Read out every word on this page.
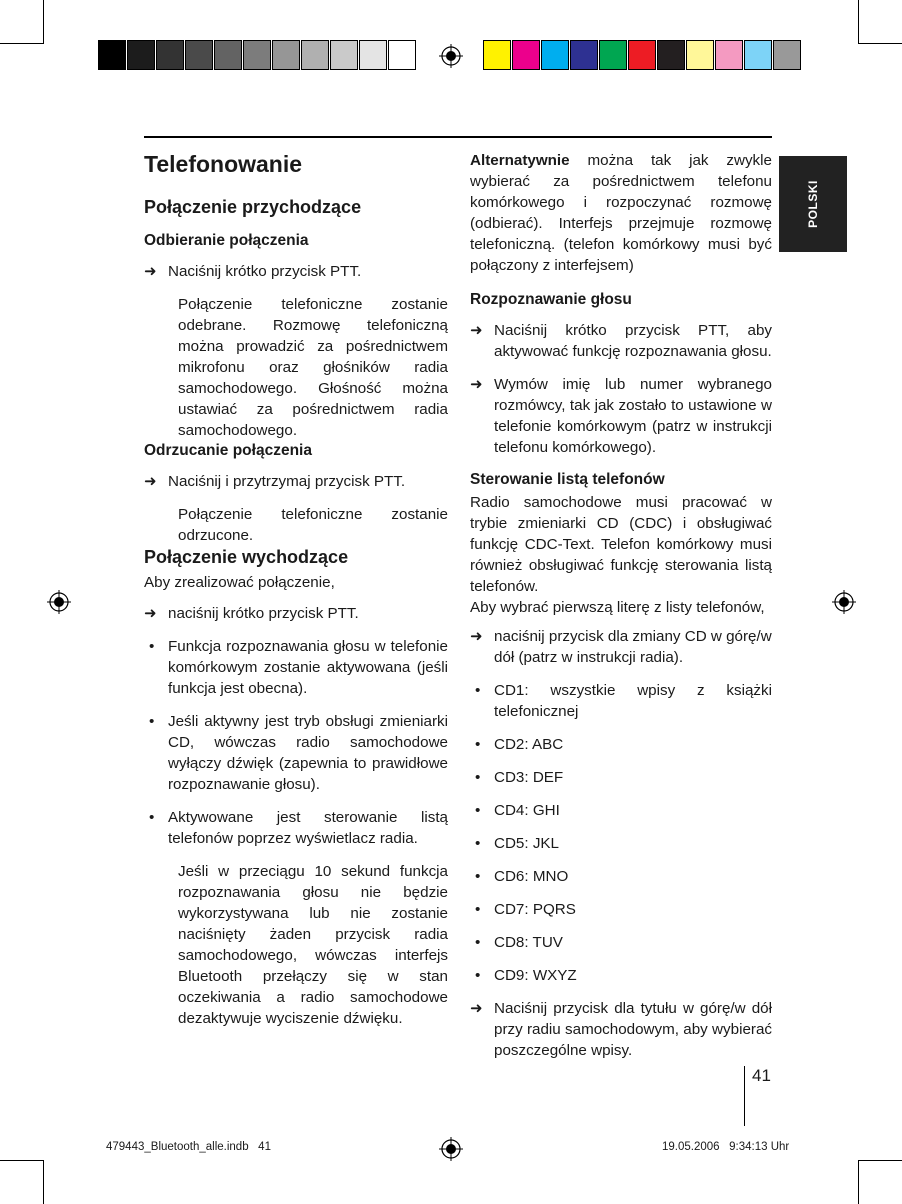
POLSKI
Telefonowanie
Połączenie przychodzące
Odbieranie połączenia
➜ Naciśnij krótko przycisk PTT.

Połączenie telefoniczne zostanie odebrane. Rozmowę telefoniczną można prowadzić za pośrednictwem mikrofonu oraz głośników radia samochodowego. Głośność można ustawiać za pośrednictwem radia samochodowego.

Odrzucanie połączenia
➜ Naciśnij i przytrzymaj przycisk PTT.

Połączenie telefoniczne zostanie odrzucone.

Połączenie wychodzące

Aby zrealizować połączenie,

➜ naciśnij krótko przycisk PTT.
• Funkcja rozpoznawania głosu w telefonie komórkowym zostanie aktywowana (jeśli funkcja jest obecna).
• Jeśli aktywny jest tryb obsługi zmieniarki CD, wówczas radio samochodowe wyłączy dźwięk (zapewnia to prawidłowe rozpoznawanie głosu).
• Aktywowane jest sterowanie listą telefonów poprzez wyświetlacz radia.

Jeśli w przeciągu 10 sekund funkcja rozpoznawania głosu nie będzie wykorzystywana lub nie zostanie naciśnięty żaden przycisk radia samochodowego, wówczas interfejs Bluetooth przełączy się w stan oczekiwania a radio samochodowe dezaktywuje wyciszenie dźwięku.

Alternatywnie można tak jak zwykle wybierać za pośrednictwem telefonu komórkowego i rozpoczynać rozmowę (odbierać). Interfejs przejmuje rozmowę telefoniczną. (telefon komórkowy musi być połączony z interfejsem)

Rozpoznawanie głosu
➜ Naciśnij krótko przycisk PTT, aby aktywować funkcję rozpoznawania głosu.
➜ Wymów imię lub numer wybranego rozmówcy, tak jak zostało to ustawione w telefonie komórkowym (patrz w instrukcji telefonu komórkowego).
Sterowanie listą telefonów

Radio samochodowe musi pracować w trybie zmieniarki CD (CDC) i obsługiwać funkcję CDC-Text. Telefon komórkowy musi również obsługiwać funkcję sterowania listą telefonów.

Aby wybrać pierwszą literę z listy telefonów,

➜ naciśnij przycisk dla zmiany CD w górę/w dół (patrz w instrukcji radia).
• CD1: wszystkie wpisy z książki telefonicznej
• CD2: ABC
• CD3: DEF
• CD4: GHI
• CD5: JKL
• CD6: MNO
• CD7: PQRS
• CD8: TUV
• CD9: WXYZ
➜ Naciśnij przycisk dla tytułu w górę/w dół przy radiu samochodowym, aby wybierać poszczególne wpisy.
41
479443_Bluetooth_alle.indb   41	19.05.2006   9:34:13 Uhr
